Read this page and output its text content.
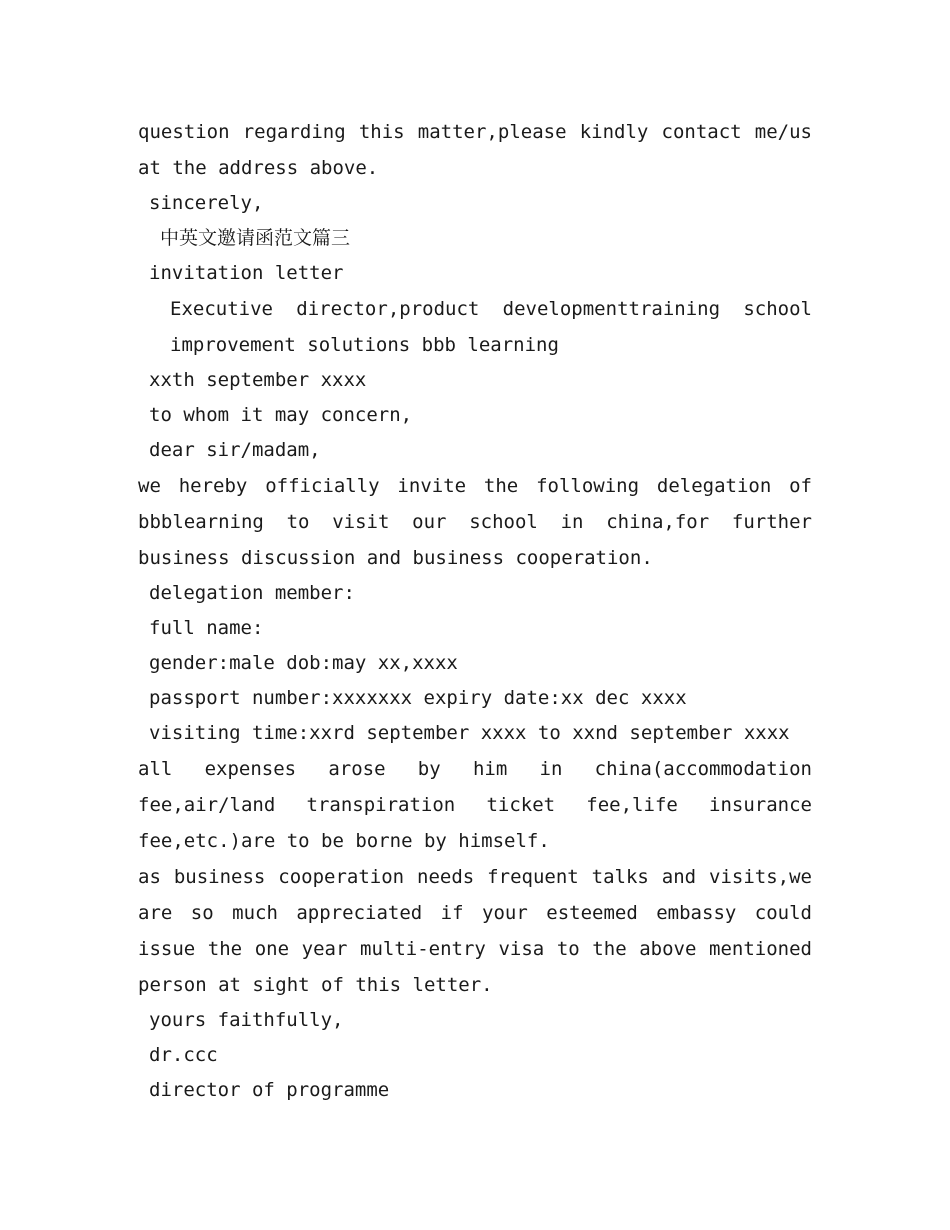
question regarding this matter,please kindly contact me/us at the address above.

sincerely,

中英文邀请函范文篇三

invitation letter

Executive director,product developmenttraining school improvement solutions bbb learning

xxth september xxxx

to whom it may concern,

dear sir/madam,

we hereby officially invite the following delegation of bbblearning to visit our school in china,for further business discussion and business cooperation.

delegation member:

full name:

gender:male dob:may xx,xxxx

passport number:xxxxxxx expiry date:xx dec xxxx

visiting time:xxrd september xxxx to xxnd september xxxx

all expenses arose by him in china(accommodation fee,air/land transpiration ticket fee,life insurance fee,etc.)are to be borne by himself.

as business cooperation needs frequent talks and visits,we are so much appreciated if your esteemed embassy could issue the one year multi-entry visa to the above mentioned person at sight of this letter.

yours faithfully,

dr.ccc

director of programme
